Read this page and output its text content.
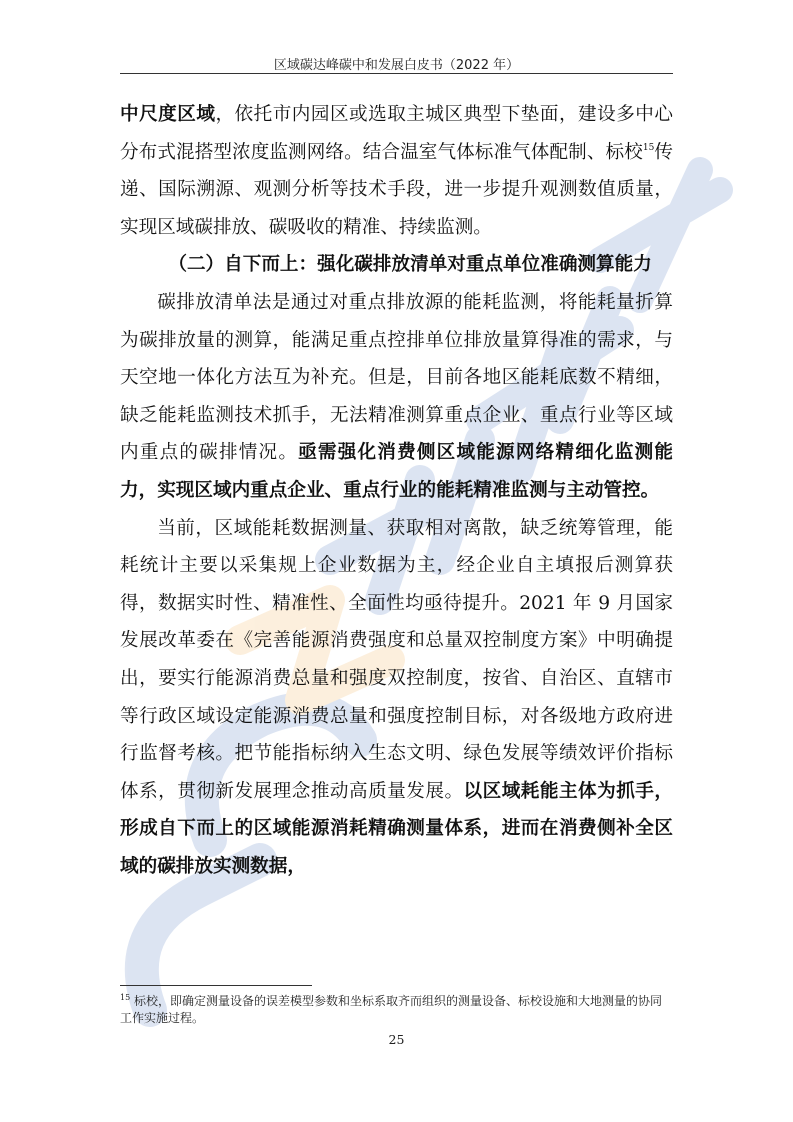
区域碳达峰碳中和发展白皮书（2022 年）

中尺度区域，依托市内园区或选取主城区典型下垫面，建设多中心分布式混搭型浓度监测网络。结合温室气体标准气体配制、标校$^{15}$传递、国际溯源、观测分析等技术手段，进一步提升观测数值质量，实现区域碳排放、碳吸收的精准、持续监测。

（二）自下而上：强化碳排放清单对重点单位准确测算能力

碳排放清单法是通过对重点排放源的能耗监测，将能耗量折算为碳排放量的测算，能满足重点控排单位排放量算得准的需求，与天空地一体化方法互为补充。但是，目前各地区能耗底数不精细，缺乏能耗监测技术抓手，无法精准测算重点企业、重点行业等区域内重点的碳排情况。亟需强化消费侧区域能源网络精细化监测能力，实现区域内重点企业、重点行业的能耗精准监测与主动管控。

当前，区域能耗数据测量、获取相对离散，缺乏统筹管理，能耗统计主要以采集规上企业数据为主，经企业自主填报后测算获得，数据实时性、精准性、全面性均亟待提升。2021 年 9 月国家发展改革委在《完善能源消费强度和总量双控制度方案》中明确提出，要实行能源消费总量和强度双控制度，按省、自治区、直辖市等行政区域设定能源消费总量和强度控制目标，对各级地方政府进行监督考核。把节能指标纳入生态文明、绿色发展等绩效评价指标体系，贯彻新发展理念推动高质量发展。以区域耗能主体为抓手，形成自下而上的区域能源消耗精确测量体系，进而在消费侧补全区域的碳排放实测数据，

$^{15}$ 标校，即确定测量设备的误差模型参数和坐标系取齐而组织的测量设备、标校设施和大地测量的协同工作实施过程。
25
